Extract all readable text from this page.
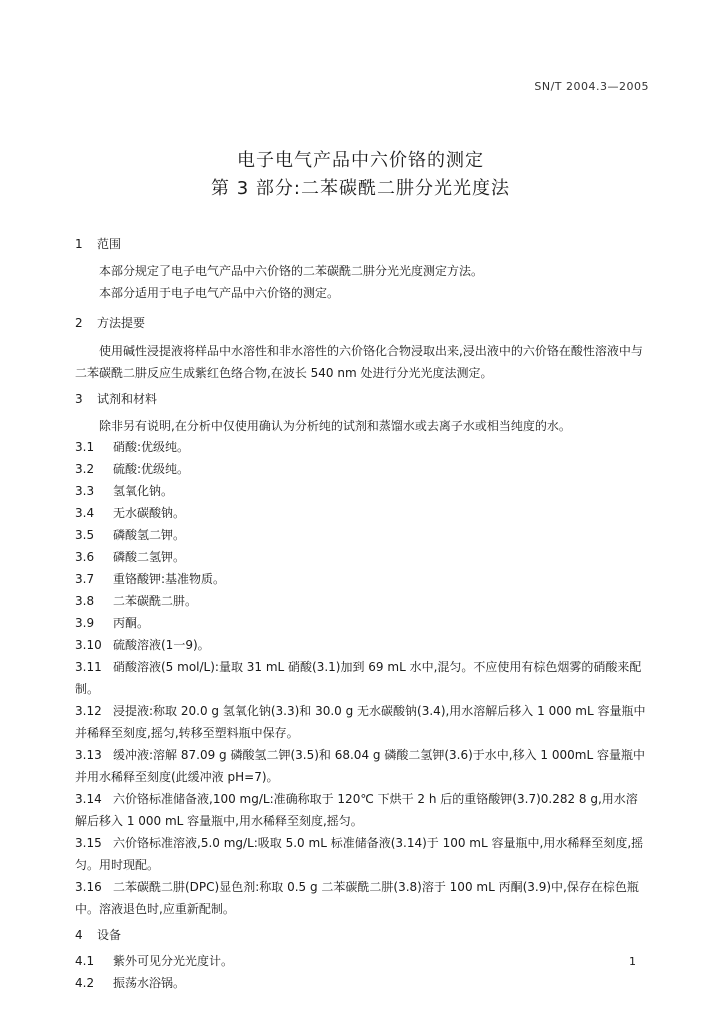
SN/T 2004.3—2005
电子电气产品中六价铬的测定
第 3 部分:二苯碳酰二肼分光光度法
1 范围
本部分规定了电子电气产品中六价铬的二苯碳酰二肼分光光度测定方法。
本部分适用于电子电气产品中六价铬的测定。
2 方法提要
使用碱性浸提液将样品中水溶性和非水溶性的六价铬化合物浸取出来,浸出液中的六价铬在酸性溶液中与二苯碳酰二肼反应生成紫红色络合物,在波长 540 nm 处进行分光光度法测定。
3 试剂和材料
除非另有说明,在分析中仅使用确认为分析纯的试剂和蒸馏水或去离子水或相当纯度的水。
3.1 硝酸:优级纯。
3.2 硫酸:优级纯。
3.3 氢氧化钠。
3.4 无水碳酸钠。
3.5 磷酸氢二钾。
3.6 磷酸二氢钾。
3.7 重铬酸钾:基准物质。
3.8 二苯碳酰二肼。
3.9 丙酮。
3.10 硫酸溶液(1一9)。
3.11 硝酸溶液(5 mol/L):量取 31 mL 硝酸(3.1)加到 69 mL 水中,混匀。不应使用有棕色烟雾的硝酸来配制。
3.12 浸提液:称取 20.0 g 氢氧化钠(3.3)和 30.0 g 无水碳酸钠(3.4),用水溶解后移入 1 000 mL 容量瓶中并稀释至刻度,摇匀,转移至塑料瓶中保存。
3.13 缓冲液:溶解 87.09 g 磷酸氢二钾(3.5)和 68.04 g 磷酸二氢钾(3.6)于水中,移入 1 000mL 容量瓶中并用水稀释至刻度(此缓冲液 pH=7)。
3.14 六价铬标准储备液,100 mg/L:准确称取于 120℃ 下烘干 2 h 后的重铬酸钾(3.7)0.282 8 g,用水溶解后移入 1 000 mL 容量瓶中,用水稀释至刻度,摇匀。
3.15 六价铬标准溶液,5.0 mg/L:吸取 5.0 mL 标准储备液(3.14)于 100 mL 容量瓶中,用水稀释至刻度,摇匀。用时现配。
3.16 二苯碳酰二肼(DPC)显色剂:称取 0.5 g 二苯碳酰二肼(3.8)溶于 100 mL 丙酮(3.9)中,保存在棕色瓶中。溶液退色时,应重新配制。
4 设备
4.1 紫外可见分光光度计。
4.2 振荡水浴锅。
1
